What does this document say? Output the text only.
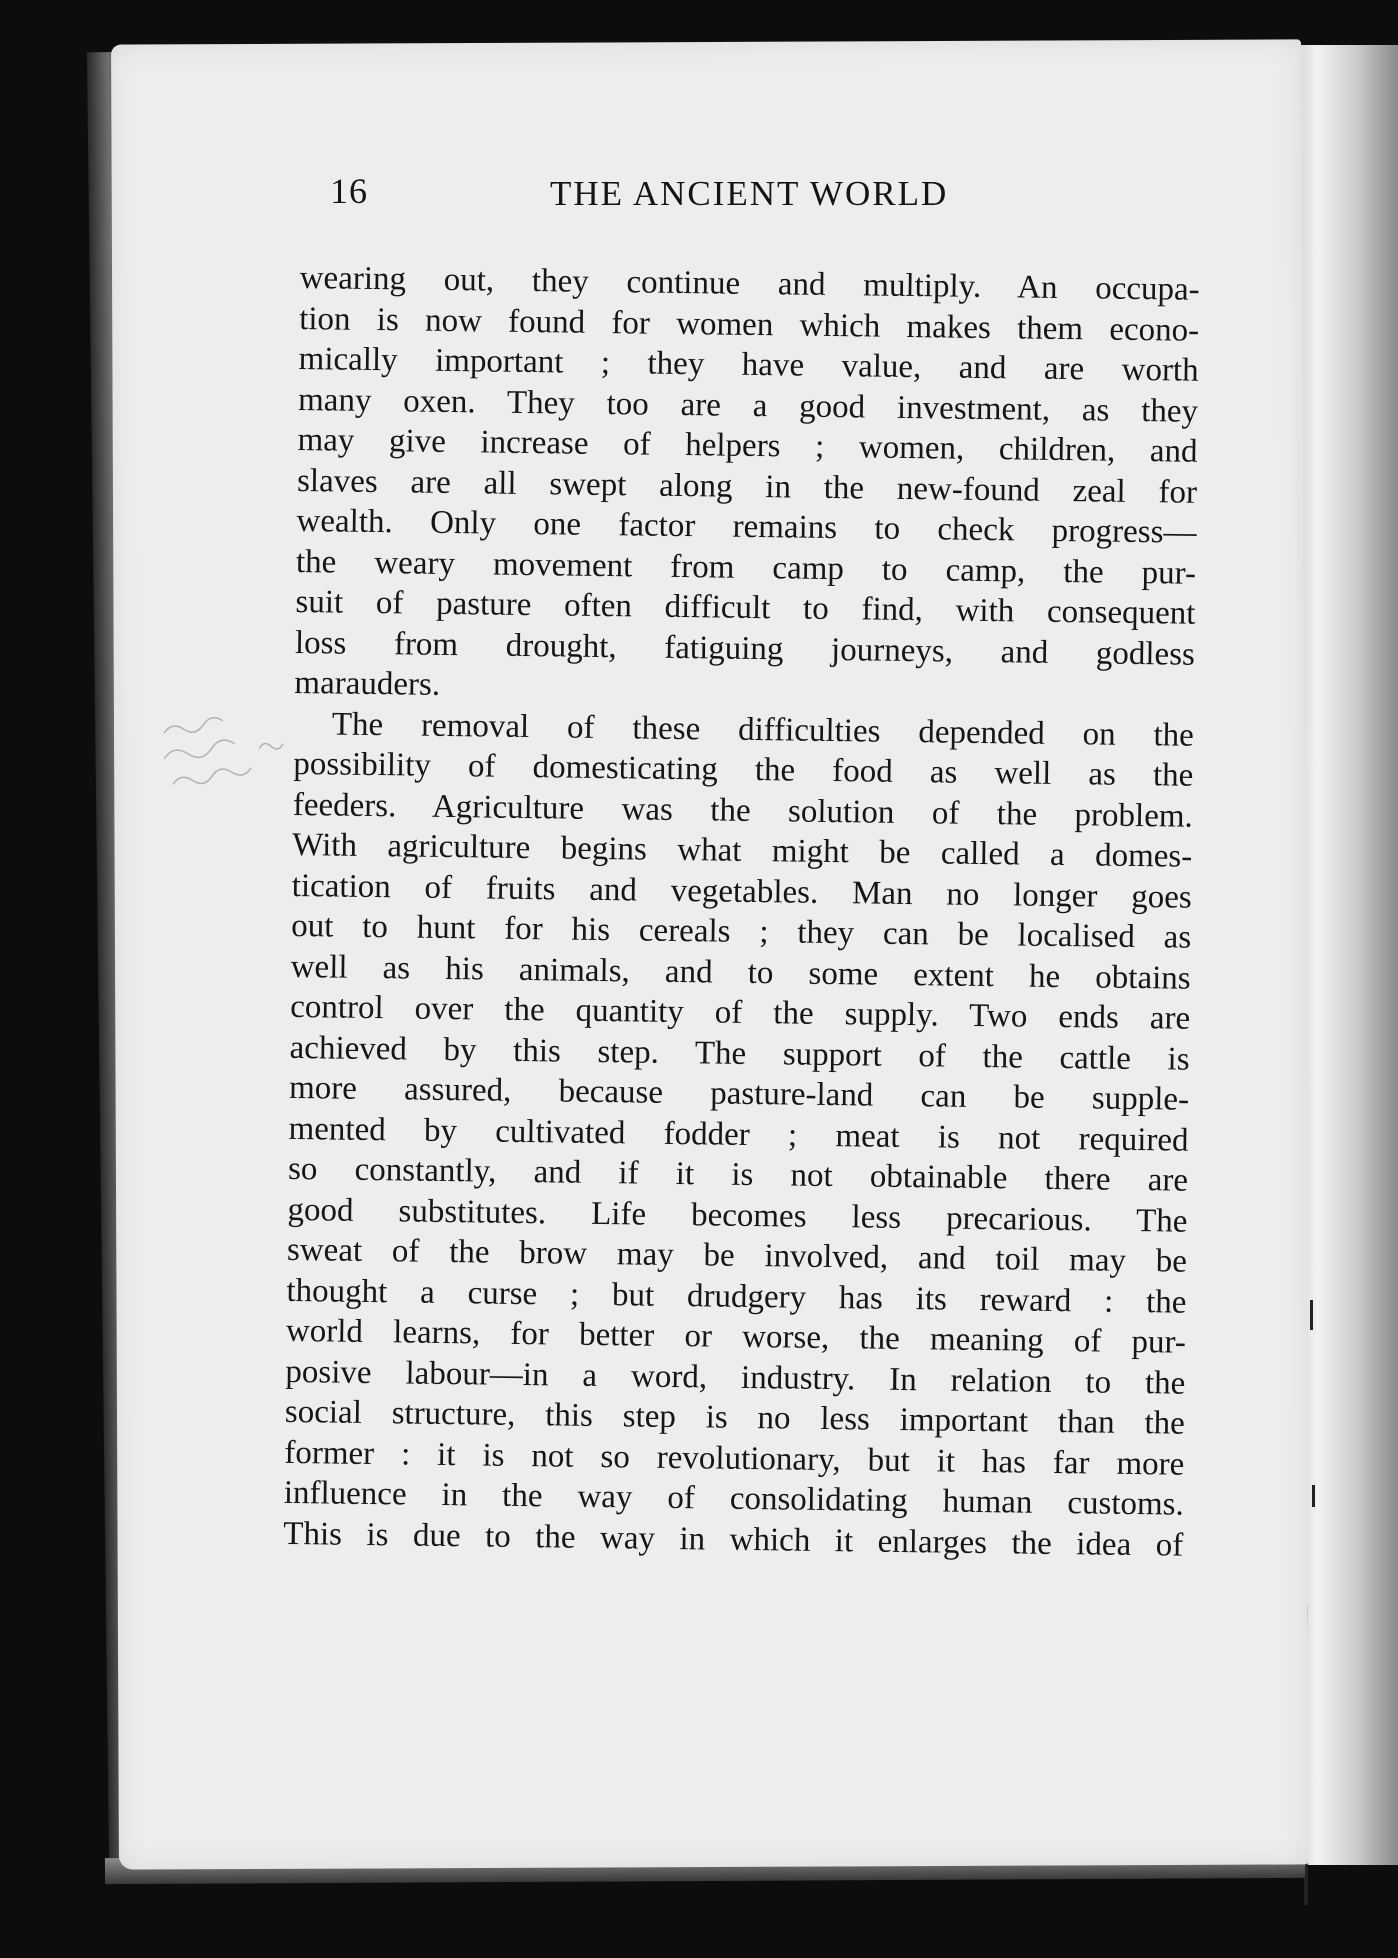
16	THE ANCIENT WORLD
wearing out, they continue and multiply. An occupa-
tion is now found for women which makes them econo-
mically important ; they have value, and are worth
many oxen. They too are a good investment, as they
may give increase of helpers ; women, children, and
slaves are all swept along in the new-found zeal for
wealth. Only one factor remains to check progress—
the weary movement from camp to camp, the pur-
suit of pasture often difficult to find, with consequent
loss from drought, fatiguing journeys, and godless
marauders.
The removal of these difficulties depended on the
possibility of domesticating the food as well as the
feeders. Agriculture was the solution of the problem.
With agriculture begins what might be called a domes-
tication of fruits and vegetables. Man no longer goes
out to hunt for his cereals ; they can be localised as
well as his animals, and to some extent he obtains
control over the quantity of the supply. Two ends are
achieved by this step. The support of the cattle is
more assured, because pasture-land can be supple-
mented by cultivated fodder ; meat is not required
so constantly, and if it is not obtainable there are
good substitutes. Life becomes less precarious. The
sweat of the brow may be involved, and toil may be
thought a curse ; but drudgery has its reward : the
world learns, for better or worse, the meaning of pur-
posive labour—in a word, industry. In relation to the
social structure, this step is no less important than the
former : it is not so revolutionary, but it has far more
influence in the way of consolidating human customs.
This is due to the way in which it enlarges the idea of
